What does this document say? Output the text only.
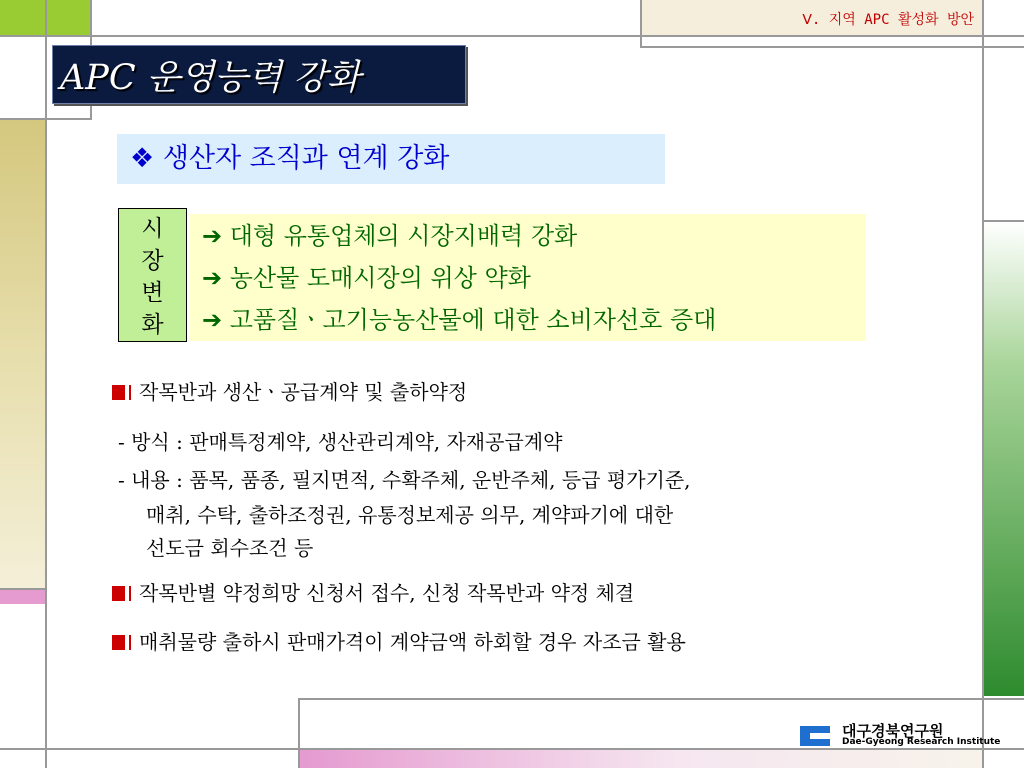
Ⅴ. 지역 APC 활성화 방안
APC 운영능력 강화
❖ 생산자 조직과 연계 강화
시
장
변
화
➔ 대형 유통업체의 시장지배력 강화
➔ 농산물 도매시장의 위상 약화
➔ 고품질ㆍ고기능농산물에 대한 소비자선호 증대
작목반과 생산ㆍ공급계약 및 출하약정
- 방식 : 판매특정계약, 생산관리계약, 자재공급계약
- 내용 : 품목, 품종, 필지면적, 수확주체, 운반주체, 등급 평가기준,
매취, 수탁, 출하조정권, 유통정보제공 의무, 계약파기에 대한
선도금 회수조건 등
작목반별 약정희망 신청서 접수, 신청 작목반과 약정 체결
매취물량 출하시 판매가격이 계약금액 하회할 경우 자조금 활용
대구경북연구원
Dae-Gyeong Research Institute
